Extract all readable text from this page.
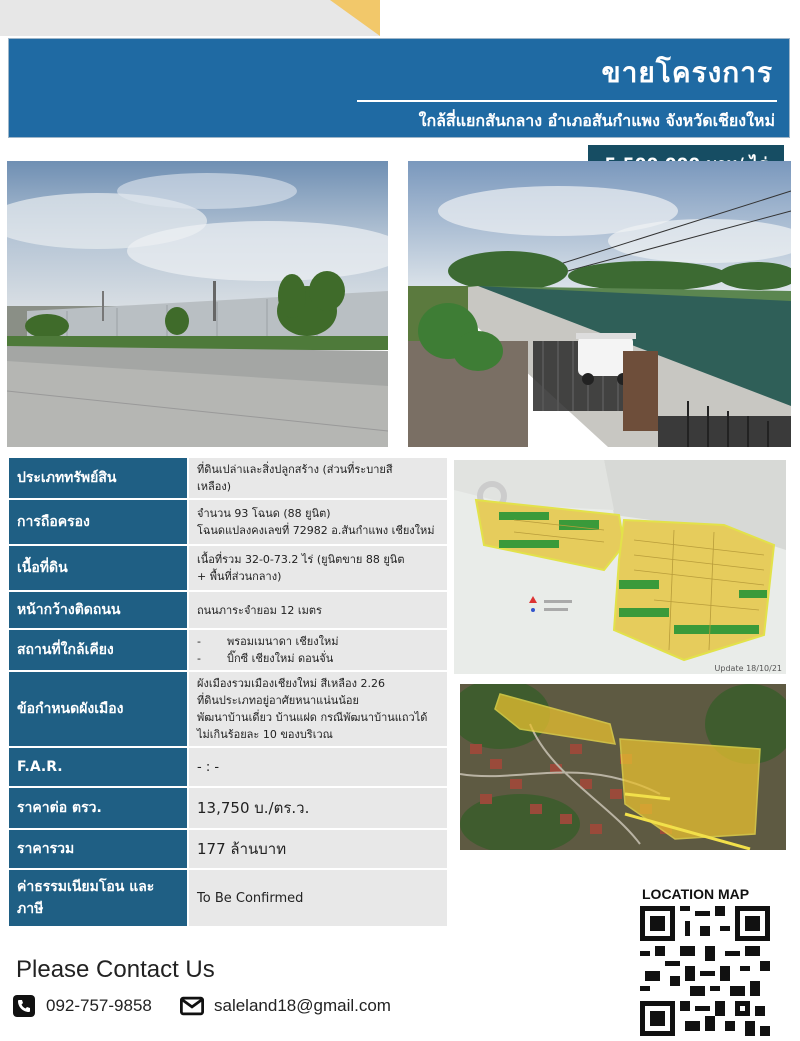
ขายโครงการ
ใกล้สี่แยกสันกลาง อำเภอสันกำแพง จังหวัดเชียงใหม่
ประเภททรัพย์สิน	ที่ดินเปล่าและสิ่งปลูกสร้าง (ส่วนที่ระบายสี
เหลือง)

การถือครอง	จำนวน 93 โฉนด (88 ยูนิต)
โฉนดแปลงคงเลขที่ 72982 อ.สันกำแพง เชียงใหม่

เนื้อที่ดิน	เนื้อที่รวม 32-0-73.2 ไร่ (ยูนิตขาย 88 ยูนิต
+ พื้นที่ส่วนกลาง)

หน้ากว้างติดถนน	ถนนภาระจำยอม 12 เมตร

สถานที่ใกล้เคียง	- พรอมเมนาดา เชียงใหม่
- บิ๊กซี เชียงใหม่ ดอนจั่น

ข้อกำหนดผังเมือง	ผังเมืองรวมเมืองเชียงใหม่ สีเหลือง 2.26
ที่ดินประเภทอยู่อาศัยหนาแน่นน้อย
พัฒนาบ้านเดี่ยว บ้านแฝด กรณีพัฒนาบ้านแถวได้
ไม่เกินร้อยละ 10 ของบริเวณ

F.A.R.	- : -
ราคาต่อ ตรว.	13,750 บ./ตร.ว.
ราคารวม	177 ล้านบาท
ค่าธรรมเนียมโอน และภาษี	To Be Confirmed
Update 18/10/21
Please Contact Us
092-757-9858	saleland18@gmail.com
LOCATION MAP
